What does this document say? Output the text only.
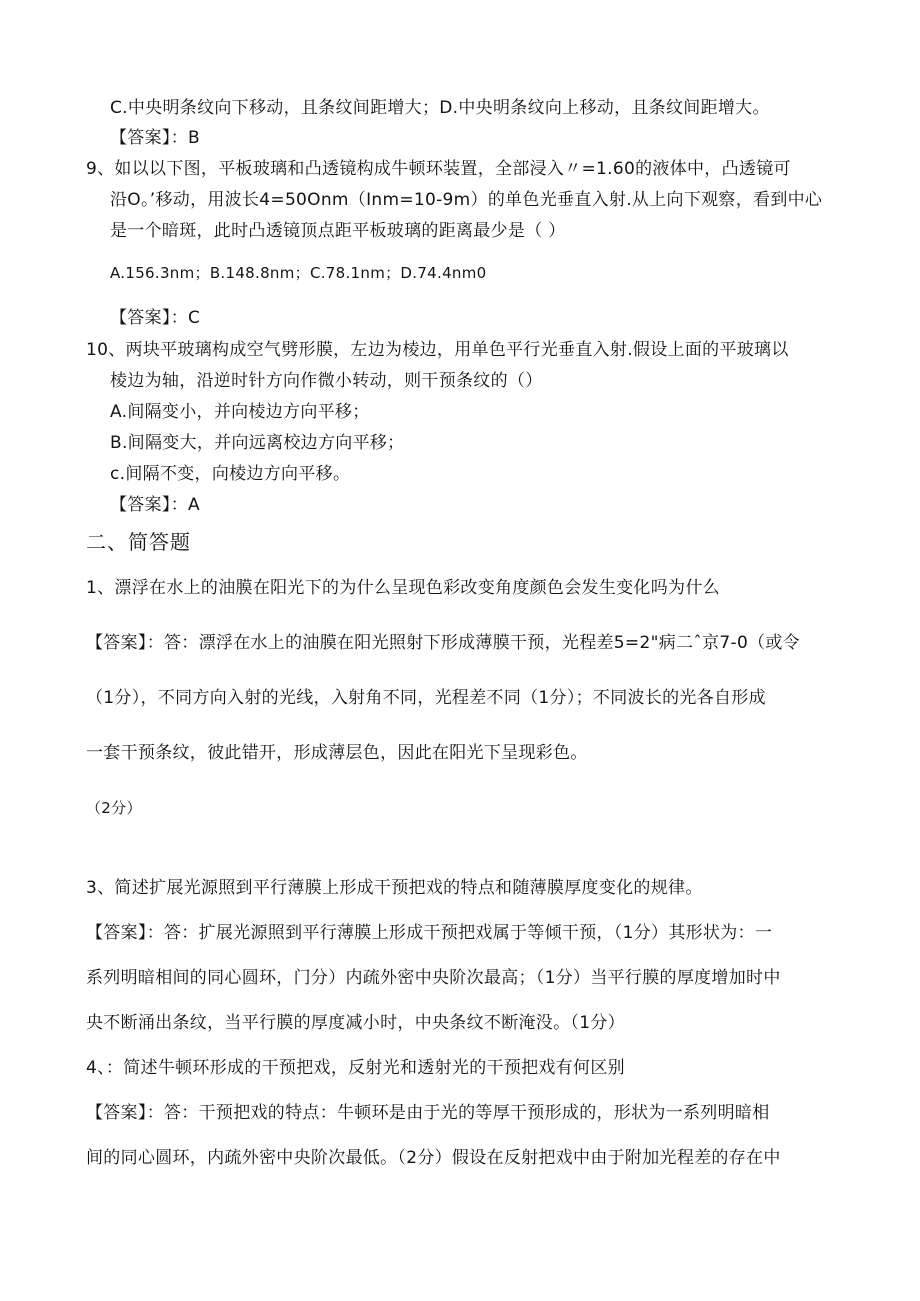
C.中央明条纹向下移动，且条纹间距增大；D.中央明条纹向上移动，且条纹间距增大。
【答案】：B
9、如以以下图，平板玻璃和凸透镜构成牛顿环装置，全部浸入〃=1.60的液体中，凸透镜可
沿O。’移动，用波长4=50Onm（Inm=10-9m）的单色光垂直入射.从上向下观察，看到中心
是一个暗斑，此时凸透镜顶点距平板玻璃的距离最少是（ ）
A.156.3nm；B.148.8nm；C.78.1nm；D.74.4nm0
【答案】：C
10、两块平玻璃构成空气劈形膜，左边为棱边，用单色平行光垂直入射.假设上面的平玻璃以
棱边为轴，沿逆时针方向作微小转动，则干预条纹的（）
A.间隔变小，并向棱边方向平移；
B.间隔变大，并向远离校边方向平移；
c.间隔不变，向棱边方向平移。
【答案】：A
二、简答题
1、漂浮在水上的油膜在阳光下的为什么呈现色彩改变角度颜色会发生变化吗为什么
【答案】：答：漂浮在水上的油膜在阳光照射下形成薄膜干预，光程差5=2"病二ˆ京7-0（或令
（1分），不同方向入射的光线，入射角不同，光程差不同（1分）；不同波长的光各自形成
一套干预条纹，彼此错开，形成薄层色，因此在阳光下呈现彩色。
（2分）
3、简述扩展光源照到平行薄膜上形成干预把戏的特点和随薄膜厚度变化的规律。
【答案】：答：扩展光源照到平行薄膜上形成干预把戏属于等倾干预，（1分）其形状为：一
系列明暗相间的同心圆环，门分）内疏外密中央阶次最高；（1分）当平行膜的厚度增加时中
央不断涌出条纹，当平行膜的厚度减小时，中央条纹不断淹没。（1分）
4、：简述牛顿环形成的干预把戏，反射光和透射光的干预把戏有何区别
【答案】：答：干预把戏的特点：牛顿环是由于光的等厚干预形成的，形状为一系列明暗相
间的同心圆环，内疏外密中央阶次最低。（2分）假设在反射把戏中由于附加光程差的存在中
